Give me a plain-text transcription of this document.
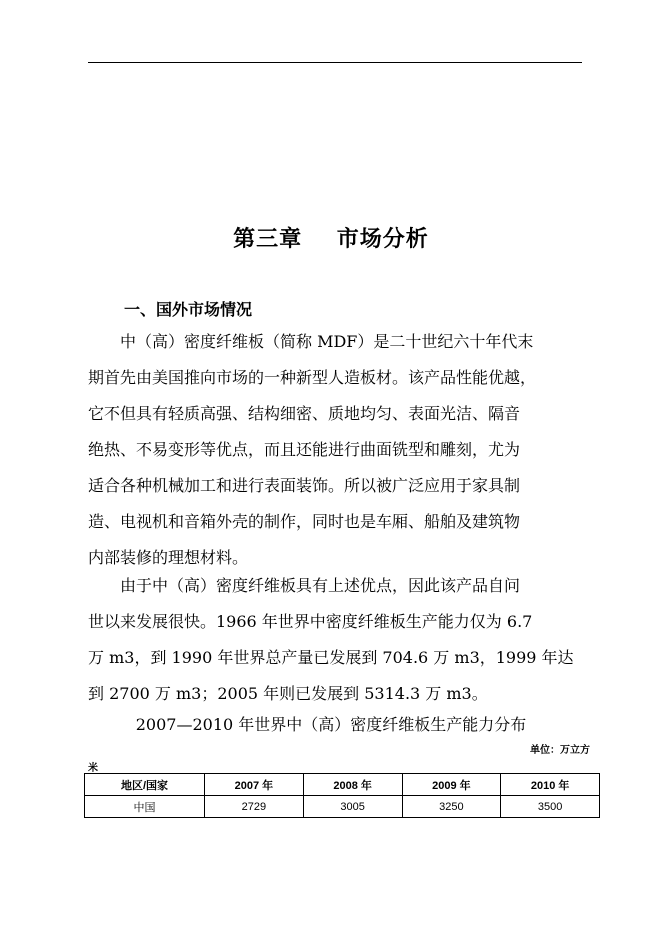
第三章    市场分析
一、国外市场情况
中（高）密度纤维板（简称 MDF）是二十世纪六十年代末
期首先由美国推向市场的一种新型人造板材。该产品性能优越，
它不但具有轻质高强、结构细密、质地均匀、表面光洁、隔音
绝热、不易变形等优点，而且还能进行曲面铣型和雕刻，尤为
适合各种机械加工和进行表面装饰。所以被广泛应用于家具制
造、电视机和音箱外壳的制作，同时也是车厢、船舶及建筑物
内部装修的理想材料。
由于中（高）密度纤维板具有上述优点，因此该产品自问
世以来发展很快。1966 年世界中密度纤维板生产能力仅为 6.7
万 m3，到 1990 年世界总产量已发展到 704.6 万 m3，1999 年达
到 2700 万 m3；2005 年则已发展到 5314.3 万 m3。
2007—2010 年世界中（高）密度纤维板生产能力分布
单位：万立方
米
地区/国家	2007 年	2008 年	2009 年	2010 年
中国	2729	3005	3250	3500
